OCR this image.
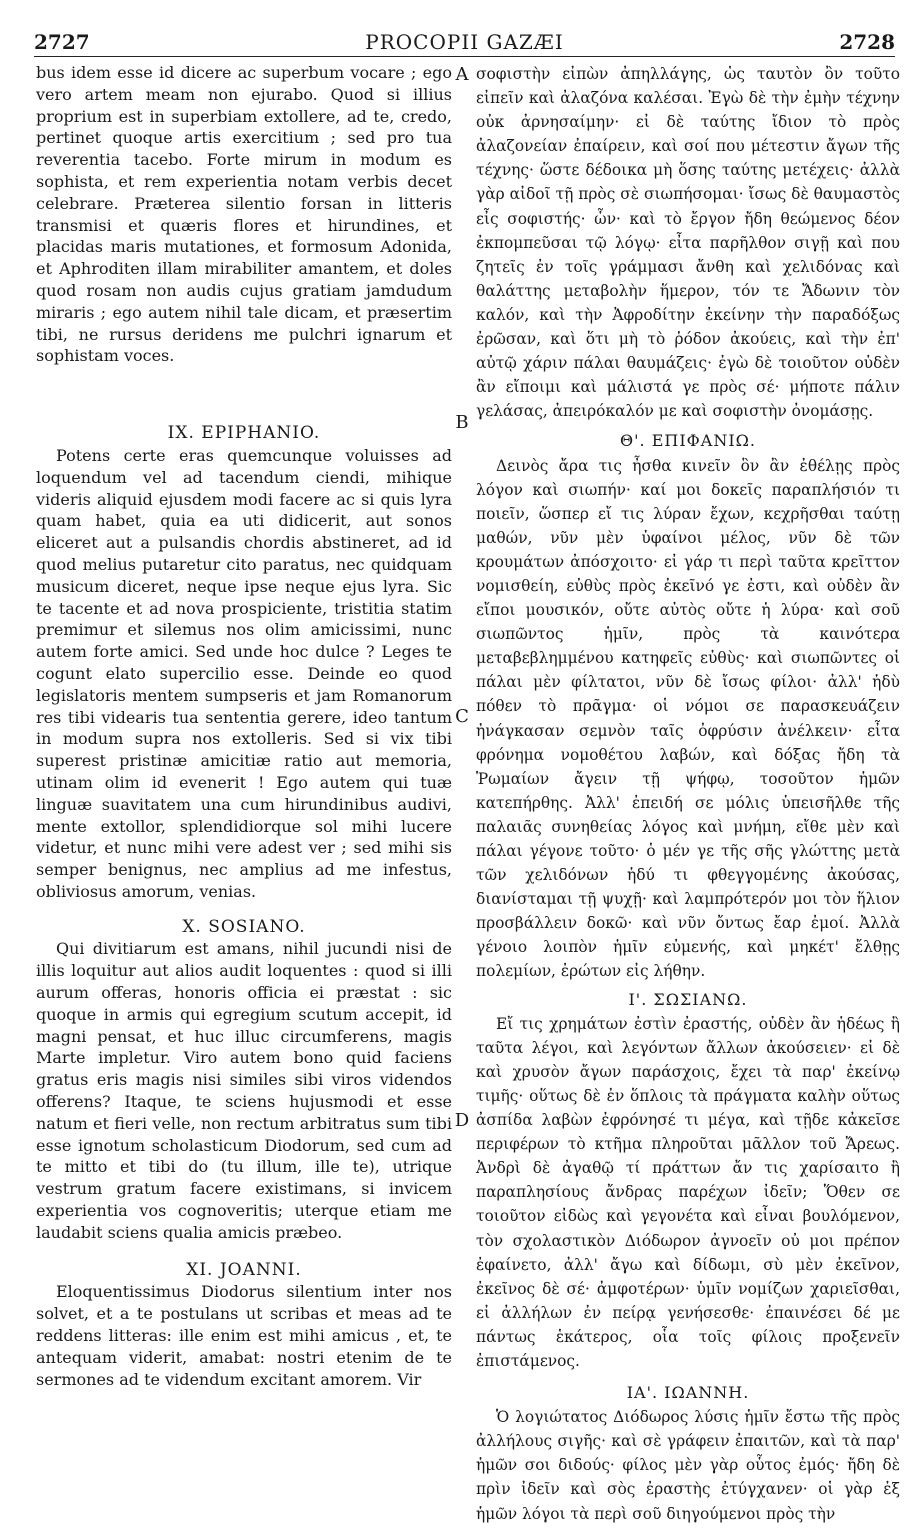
2727	PROCOPII GAZÆI	2728
A
B
C
D

bus idem esse id dicere ac superbum vocare ; ego vero artem meam non ejurabo. Quod si illius proprium est in superbiam extollere, ad te, credo, pertinet quoque artis exercitium ; sed pro tua reverentia tacebo. Forte mirum in modum es sophista, et rem experientia notam verbis decet celebrare. Prætereа silentio forsan in litteris transmisi et quæris flores et hirundines, et placidas maris mutationes, et formosum Adonida, et Aphroditen illam mirabiliter amantem, et doles quod rosam non audis cujus gratiam jamdudum miraris ; ego autem nihil tale dicam, et præsertim tibi, ne rursus deridens me pulchri ignarum et sophistam voces.

IX. EPIPHANIO.

Potens certe eras quemcunque voluisses ad loquendum vel ad tacendum ciendi, mihique videris aliquid ejusdem modi facere ac si quis lyra quam habet, quia ea uti didicerit, aut sonos eliceret aut a pulsandis chordis abstineret, ad id quod melius putaretur cito paratus, nec quidquam musicum diceret, neque ipse neque ejus lyra. Sic te tacente et ad nova prospiciente, tristitia statim premimur et silemus nos olim amicissimi, nunc autem forte amici. Sed unde hoc dulce ? Leges te cogunt elato supercilio esse. Deinde eo quod legislatoris mentem sumpseris et jam Romanorum res tibi videaris tua sententia gerere, ideo tantum in modum supra nos extolleris. Sed si vix tibi superest pristinæ amicitiæ ratio aut memoria, utinam olim id evenerit ! Ego autem qui tuæ linguæ suavitatem una cum hirundinibus audivi, mente extollor, splendidiorque sol mihi lucere videtur, et nunc mihi vere adest ver ; sed mihi sis semper benignus, nec amplius ad me infestus, obliviosus amorum, venias.

X. SOSIANO.

Qui divitiarum est amans, nihil jucundi nisi de illis loquitur aut alios audit loquentes : quod si illi aurum offeras, honoris officia ei præstat : sic quoque in armis qui egregium scutum accepit, id magni pensat, et huc illuc circumferens, magis Marte impletur. Viro autem bono quid faciens gratus eris magis nisi similes sibi viros videndos offerens? Itaque, te sciens hujusmodi et esse natum et fieri velle, non rectum arbitratus sum tibi esse ignotum scholasticum Diodorum, sed cum ad te mitto et tibi do (tu illum, ille te), utrique vestrum gratum facere existimans, si invicem experientia vos cognoveritis; uterque etiam me laudabit sciens qualia amicis præbeo.

XI. JOANNI.

Eloquentissimus Diodorus silentium inter nos solvet, et a te postulans ut scribas et meas ad te reddens litteras: ille enim est mihi amicus , et, te antequam viderit, amabat: nostri etenim de te sermones ad te videndum excitant amorem. Vir

σοφιστὴν εἰπὼν ἀπηλλάγης, ὡς ταυτὸν ὂν τοῦτο εἰπεῖν καὶ ἀλαζόνα καλέσαι. Ἐγὼ δὲ τὴν ἐμὴν τέχνην οὐκ ἀρνησαίμην· εἰ δὲ ταύτης ἴδιον τὸ πρὸς ἀλαζονείαν ἐπαίρειν, καὶ σοί που μέτεστιν ἄγων τῆς τέχνης· ὥστε δέδοικα μὴ ὅσης ταύτης μετέχεις· ἀλλὰ γὰρ αἰδοῖ τῇ πρὸς σὲ σιωπήσομαι· ἴσως δὲ θαυμαστὸς εἶς σοφιστής· ὧν· καὶ τὸ ἔργον ἤδη θεώμενος δέον ἐκπομπεῦσαι τῷ λόγῳ· εἶτα παρῆλθον σιγῇ καὶ που ζητεῖς ἐν τοῖς γράμμασι ἄνθη καὶ χελιδόνας καὶ θαλάττης μεταβολὴν ἥμερον, τόν τε Ἄδωνιν τὸν καλόν, καὶ τὴν Ἀφροδίτην ἐκείνην τὴν παραδόξως ἐρῶσαν, καὶ ὅτι μὴ τὸ ῥόδον ἀκούεις, καὶ τὴν ἐπ' αὐτῷ χάριν πάλαι θαυμάζεις· ἐγὼ δὲ τοιοῦτον οὐδὲν ἂν εἴποιμι καὶ μάλιστά γε πρὸς σέ· μήποτε πάλιν γελάσας, ἀπειρόκαλόν με καὶ σοφιστὴν ὀνομάσῃς.

Θ'. ΕΠΙΦΑΝΙΩ.

Δεινὸς ἄρα τις ἦσθα κινεῖν ὃν ἂν ἐθέλῃς πρὸς λόγον καὶ σιωπήν· καί μοι δοκεῖς παραπλήσιόν τι ποιεῖν, ὥσπερ εἴ τις λύραν ἔχων, κεχρῆσθαι ταύτῃ μαθών, νῦν μὲν ὑφαίνοι μέλος, νῦν δὲ τῶν κρουμάτων ἀπόσχοιτο· εἰ γάρ τι περὶ ταῦτα κρεῖττον νομισθείη, εὐθὺς πρὸς ἐκεῖνό γε ἐστι, καὶ οὐδὲν ἂν εἴποι μουσικόν, οὔτε αὐτὸς οὔτε ἡ λύρα· καὶ σοῦ σιωπῶντος ἡμῖν, πρὸς τὰ καινότερα μεταβεβλημμένου κατηφεῖς εὐθὺς· καὶ σιωπῶντες οἱ πάλαι μὲν φίλτατοι, νῦν δὲ ἴσως φίλοι· ἀλλ' ἡδὺ πόθεν τὸ πρᾶγμα· οἱ νόμοι σε παρασκευάζειν ἠνάγκασαν σεμνὸν ταῖς ὀφρύσιν ἀνέλκειν· εἶτα φρόνημα νομοθέτου λαβών, καὶ δόξας ἤδη τὰ Ῥωμαίων ἄγειν τῇ ψήφῳ, τοσοῦτον ἡμῶν κατεπήρθης. Ἀλλ' ἐπειδή σε μόλις ὑπεισῆλθε τῆς παλαιᾶς συνηθείας λόγος καὶ μνήμη, εἴθε μὲν καὶ πάλαι γέγονε τοῦτο· ὁ μέν γε τῆς σῆς γλώττης μετὰ τῶν χελιδόνων ἡδύ τι φθεγγομένης ἀκούσας, διανίσταμαι τῇ ψυχῇ· καὶ λαμπρότερόν μοι τὸν ἥλιον προσβάλλειν δοκῶ· καὶ νῦν ὄντως ἔαρ ἐμοί. Ἀλλὰ γένοιο λοιπὸν ἡμῖν εὐμενής, καὶ μηκέτ' ἔλθῃς πολεμίων, ἐρώτων εἰς λήθην.

Ι'. ΣΩΣΙΑΝΩ.

Εἴ τις χρημάτων ἐστὶν ἐραστής, οὐδὲν ἂν ἡδέως ἢ ταῦτα λέγοι, καὶ λεγόντων ἄλλων ἀκούσειεν· εἰ δὲ καὶ χρυσὸν ἄγων παράσχοις, ἔχει τὰ παρ' ἐκείνῳ τιμῆς· οὕτως δὲ ἐν ὅπλοις τὰ πράγματα καλὴν οὕτως ἀσπίδα λαβὼν ἐφρόνησέ τι μέγα, καὶ τῇδε κἀκεῖσε περιφέρων τὸ κτῆμα πληροῦται μᾶλλον τοῦ Ἄρεως. Ἀνδρὶ δὲ ἀγαθῷ τί πράττων ἄν τις χαρίσαιτο ἢ παραπλησίους ἄνδρας παρέχων ἰδεῖν; Ὅθεν σε τοιοῦτον εἰδὼς καὶ γεγονέτα καὶ εἶναι βουλόμενον, τὸν σχολαστικὸν Διόδωρον ἀγνοεῖν οὐ μοι πρέπον ἐφαίνετο, ἀλλ' ἄγω καὶ δίδωμι, σὺ μὲν ἐκεῖνον, ἐκεῖνος δὲ σέ· ἀμφοτέρων· ὑμῖν νομίζων χαριεῖσθαι, εἰ ἀλλήλων ἐν πείρᾳ γενήσεσθε· ἐπαινέσει δέ με πάντως ἑκάτερος, οἷα τοῖς φίλοις προξενεῖν ἐπιστάμενος.

ΙΑ'. ΙΩΑΝΝΗ.

Ὁ λογιώτατος Διόδωρος λύσις ἡμῖν ἔστω τῆς πρὸς ἀλλήλους σιγῆς· καὶ σὲ γράφειν ἐπαιτῶν, καὶ τὰ παρ' ἡμῶν σοι διδούς· φίλος μὲν γὰρ οὗτος ἐμός· ἤδη δὲ πρὶν ἰδεῖν καὶ σὸς ἐραστὴς ἐτύγχανεν· οἱ γὰρ ἐξ ἡμῶν λόγοι τὰ περὶ σοῦ διηγούμενοι πρὸς τὴν
